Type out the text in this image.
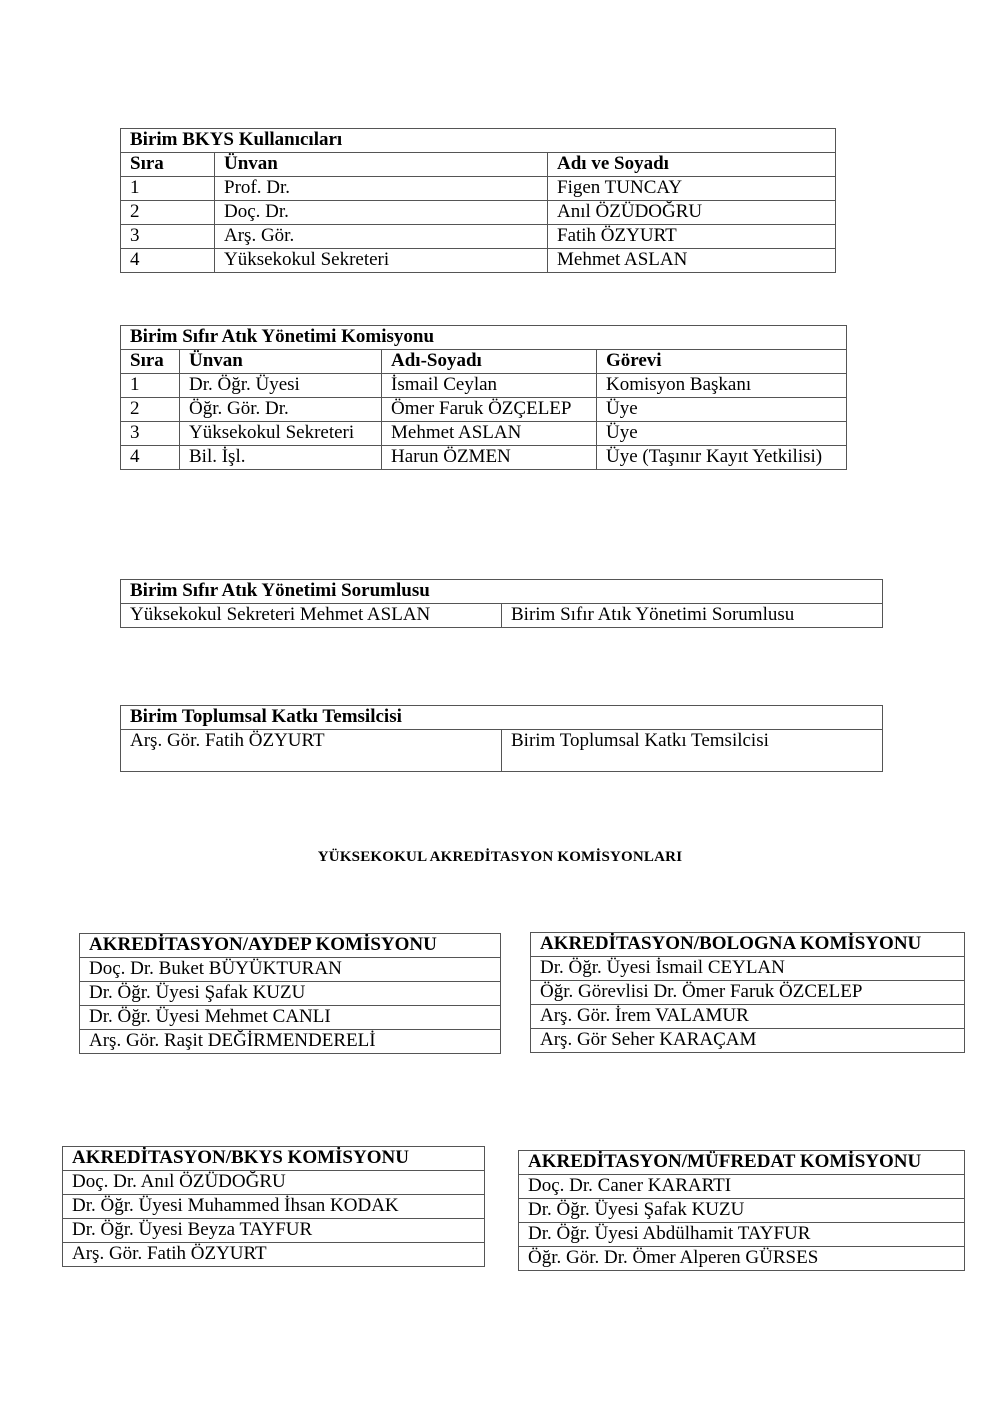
Birim BKYS Kullanıcıları		
Sıra	Ünvan	Adı ve Soyadı
1	Prof. Dr.	Figen TUNCAY
2	Doç. Dr.	Anıl ÖZÜDOĞRU
3	Arş. Gör.	Fatih ÖZYURT
4	Yüksekokul Sekreteri	Mehmet ASLAN
Birim Sıfır Atık Yönetimi Komisyonu			
Sıra	Ünvan	Adı-Soyadı	Görevi
1	Dr. Öğr. Üyesi	İsmail Ceylan	Komisyon Başkanı
2	Öğr. Gör. Dr.	Ömer Faruk ÖZÇELEP	Üye
3	Yüksekokul Sekreteri	Mehmet ASLAN	Üye
4	Bil. İşl.	Harun ÖZMEN	Üye (Taşınır Kayıt Yetkilisi)
Birim Sıfır Atık Yönetimi Sorumlusu
Yüksekokul Sekreteri Mehmet ASLAN	Birim Sıfır Atık Yönetimi Sorumlusu
Birim Toplumsal Katkı Temsilcisi
Arş. Gör. Fatih ÖZYURT	Birim Toplumsal Katkı Temsilcisi
YÜKSEKOKUL AKREDİTASYON KOMİSYONLARI
AKREDİTASYON/AYDEP KOMİSYONU
Doç. Dr. Buket BÜYÜKTURAN
Dr. Öğr. Üyesi Şafak KUZU
Dr. Öğr. Üyesi Mehmet CANLI
Arş. Gör. Raşit DEĞİRMENDERELİ
AKREDİTASYON/BOLOGNA KOMİSYONU
Dr. Öğr. Üyesi İsmail CEYLAN
Öğr. Görevlisi Dr. Ömer Faruk ÖZCELEP
Arş. Gör. İrem VALAMUR
Arş. Gör Seher KARAÇAM
AKREDİTASYON/BKYS KOMİSYONU
Doç. Dr. Anıl ÖZÜDOĞRU
Dr. Öğr. Üyesi Muhammed İhsan KODAK
Dr. Öğr. Üyesi Beyza TAYFUR
Arş. Gör. Fatih ÖZYURT
AKREDİTASYON/MÜFREDAT KOMİSYONU
Doç. Dr. Caner KARARTI
Dr. Öğr. Üyesi Şafak KUZU
Dr. Öğr. Üyesi Abdülhamit TAYFUR
Öğr. Gör. Dr. Ömer Alperen GÜRSES
